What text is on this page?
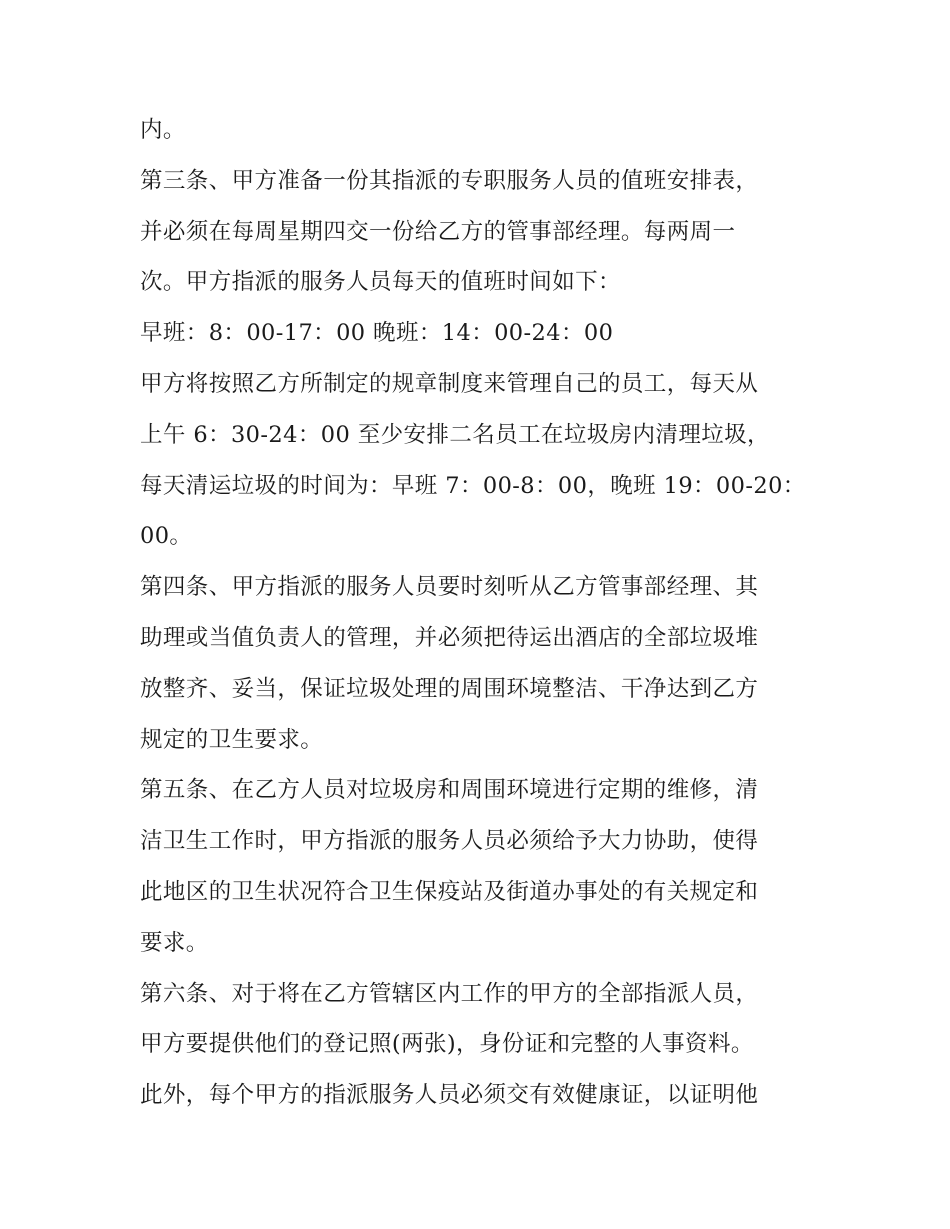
内。
第三条、甲方准备一份其指派的专职服务人员的值班安排表，
并必须在每周星期四交一份给乙方的管事部经理。每两周一
次。甲方指派的服务人员每天的值班时间如下：
早班：8：00-17：00 晚班：14：00-24：00
甲方将按照乙方所制定的规章制度来管理自己的员工，每天从
上午 6：30-24：00 至少安排二名员工在垃圾房内清理垃圾，
每天清运垃圾的时间为：早班 7：00-8：00，晚班 19：00-20：
00。
第四条、甲方指派的服务人员要时刻听从乙方管事部经理、其
助理或当值负责人的管理，并必须把待运出酒店的全部垃圾堆
放整齐、妥当，保证垃圾处理的周围环境整洁、干净达到乙方
规定的卫生要求。
第五条、在乙方人员对垃圾房和周围环境进行定期的维修，清
洁卫生工作时，甲方指派的服务人员必须给予大力协助，使得
此地区的卫生状况符合卫生保疫站及街道办事处的有关规定和
要求。
第六条、对于将在乙方管辖区内工作的甲方的全部指派人员，
甲方要提供他们的登记照(两张)，身份证和完整的人事资料。
此外，每个甲方的指派服务人员必须交有效健康证，以证明他
